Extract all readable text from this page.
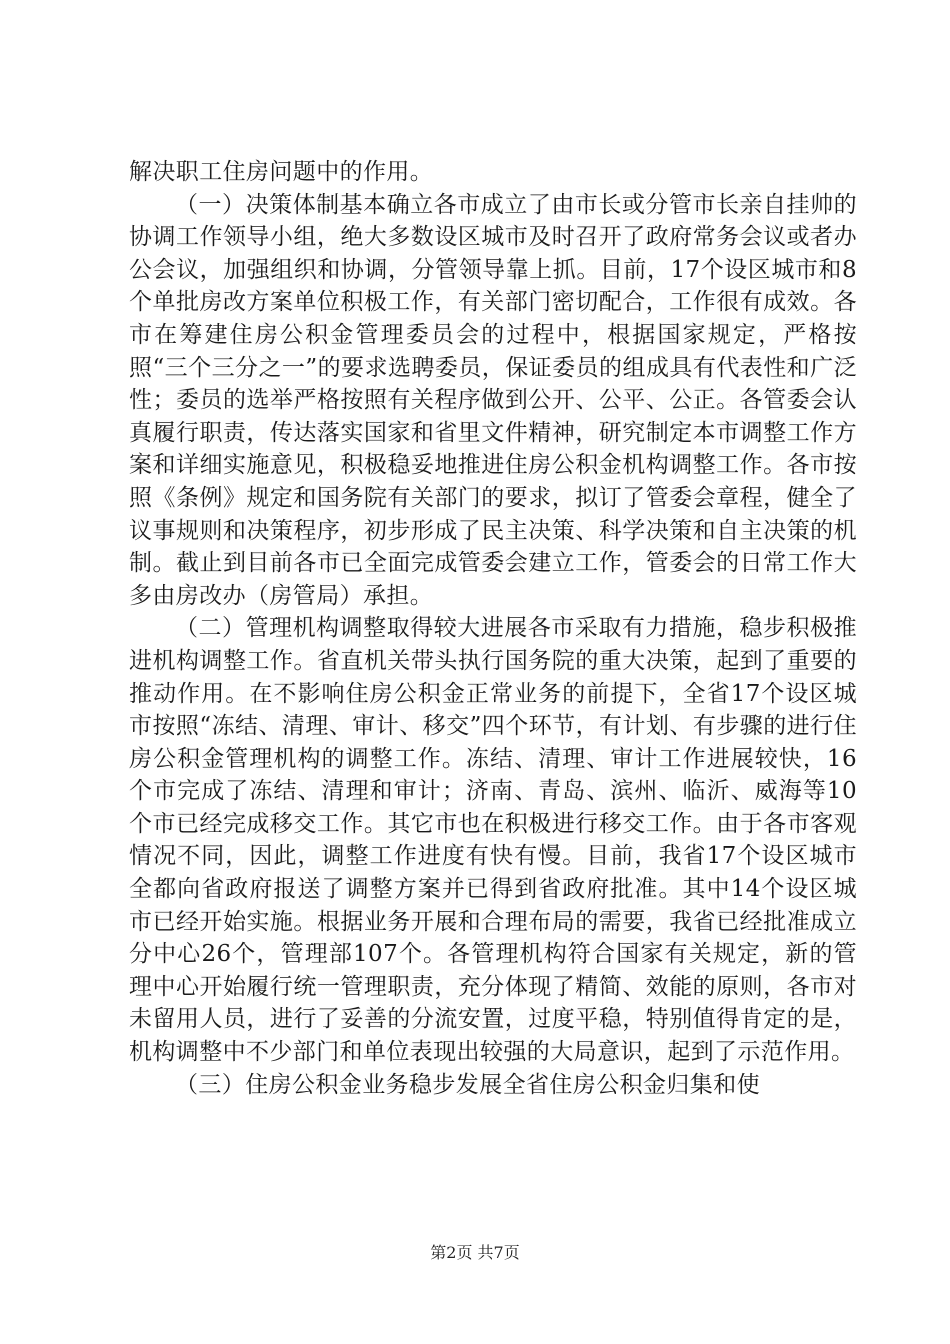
解决职工住房问题中的作用。

（一）决策体制基本确立各市成立了由市长或分管市长亲自挂帅的协调工作领导小组，绝大多数设区城市及时召开了政府常务会议或者办公会议，加强组织和协调，分管领导靠上抓。目前，17个设区城市和8个单批房改方案单位积极工作，有关部门密切配合，工作很有成效。各市在筹建住房公积金管理委员会的过程中，根据国家规定，严格按照“三个三分之一”的要求选聘委员，保证委员的组成具有代表性和广泛性；委员的选举严格按照有关程序做到公开、公平、公正。各管委会认真履行职责，传达落实国家和省里文件精神，研究制定本市调整工作方案和详细实施意见，积极稳妥地推进住房公积金机构调整工作。各市按照《条例》规定和国务院有关部门的要求，拟订了管委会章程，健全了议事规则和决策程序，初步形成了民主决策、科学决策和自主决策的机制。截止到目前各市已全面完成管委会建立工作，管委会的日常工作大多由房改办（房管局）承担。

（二）管理机构调整取得较大进展各市采取有力措施，稳步积极推进机构调整工作。省直机关带头执行国务院的重大决策，起到了重要的推动作用。在不影响住房公积金正常业务的前提下，全省17个设区城市按照“冻结、清理、审计、移交”四个环节，有计划、有步骤的进行住房公积金管理机构的调整工作。冻结、清理、审计工作进展较快，16个市完成了冻结、清理和审计；济南、青岛、滨州、临沂、威海等10个市已经完成移交工作。其它市也在积极进行移交工作。由于各市客观情况不同，因此，调整工作进度有快有慢。目前，我省17个设区城市全都向省政府报送了调整方案并已得到省政府批准。其中14个设区城市已经开始实施。根据业务开展和合理布局的需要，我省已经批准成立分中心26个，管理部107个。各管理机构符合国家有关规定，新的管理中心开始履行统一管理职责，充分体现了精简、效能的原则，各市对未留用人员，进行了妥善的分流安置，过度平稳，特别值得肯定的是，机构调整中不少部门和单位表现出较强的大局意识，起到了示范作用。

（三）住房公积金业务稳步发展全省住房公积金归集和使

第2页 共7页
